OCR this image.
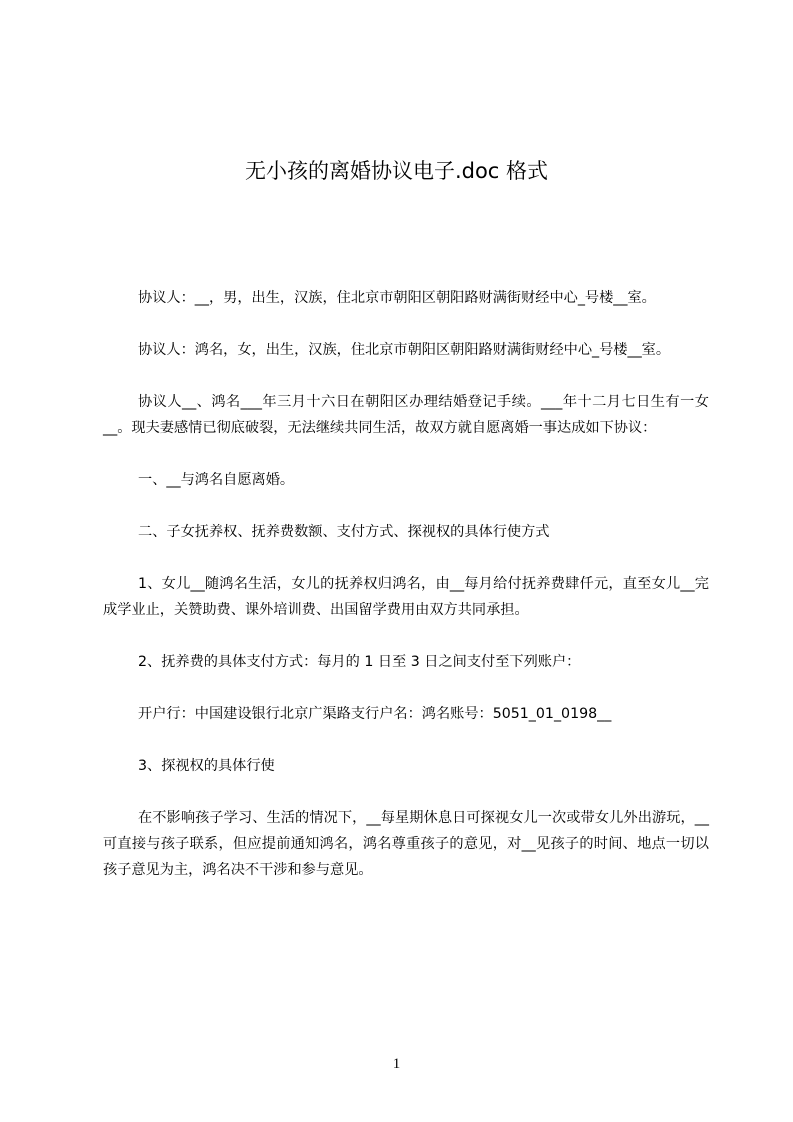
无小孩的离婚协议电子.doc 格式

协议人：__，男，出生，汉族，住北京市朝阳区朝阳路财满街财经中心_号楼__室。

协议人：鸿名，女，出生，汉族，住北京市朝阳区朝阳路财满街财经中心_号楼__室。

协议人__、鸿名___年三月十六日在朝阳区办理结婚登记手续。___年十二月七日生有一女__。现夫妻感情已彻底破裂，无法继续共同生活，故双方就自愿离婚一事达成如下协议：

一、__与鸿名自愿离婚。

二、子女抚养权、抚养费数额、支付方式、探视权的具体行使方式

1、女儿__随鸿名生活，女儿的抚养权归鸿名，由__每月给付抚养费肆仟元，直至女儿__完成学业止，关赞助费、课外培训费、出国留学费用由双方共同承担。

2、抚养费的具体支付方式：每月的 1 日至 3 日之间支付至下列账户：

开户行：中国建设银行北京广渠路支行户名：鸿名账号：5051_01_0198__

3、探视权的具体行使

在不影响孩子学习、生活的情况下，__每星期休息日可探视女儿一次或带女儿外出游玩，__可直接与孩子联系，但应提前通知鸿名，鸿名尊重孩子的意见，对__见孩子的时间、地点一切以孩子意见为主，鸿名决不干涉和参与意见。

1
